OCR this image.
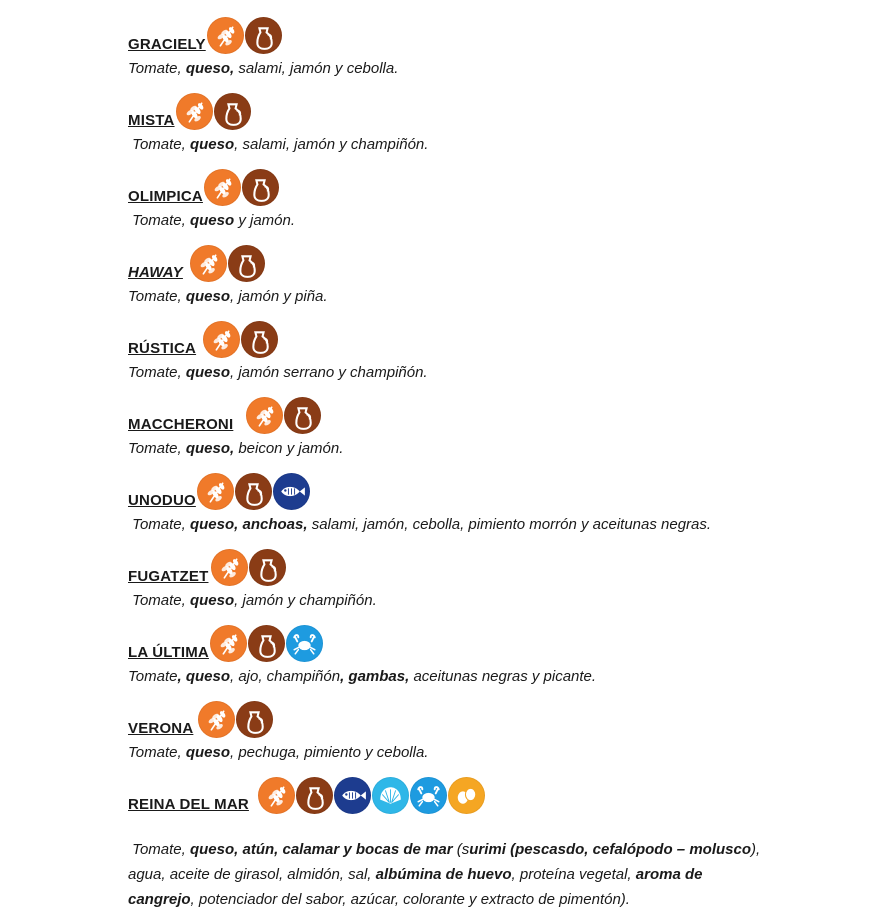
GRACIELY
Tomate, queso, salami, jamón y cebolla.
MISTA
Tomate, queso, salami, jamón y champiñón.
OLIMPICA
Tomate, queso y jamón.
HAWAY
Tomate, queso, jamón y piña.
RÚSTICA
Tomate, queso, jamón serrano y champiñón.
MACCHERONI
Tomate, queso, beicon y jamón.
UNODUO
Tomate, queso, anchoas, salami, jamón, cebolla, pimiento morrón y aceitunas negras.
FUGATZET
Tomate, queso, jamón y champiñón.
LA ÚLTIMA
Tomate, queso, ajo, champiñón, gambas, aceitunas negras y picante.
VERONA
Tomate, queso, pechuga, pimiento y cebolla.
REINA DEL MAR
Tomate, queso, atún, calamar y bocas de mar (surimi (pescasdo, cefalópodo – molusco), agua, aceite de girasol, almidón, sal, albúmina de huevo, proteína vegetal, aroma de cangrejo, potenciador del sabor, azúcar, colorante y extracto de pimentón).
